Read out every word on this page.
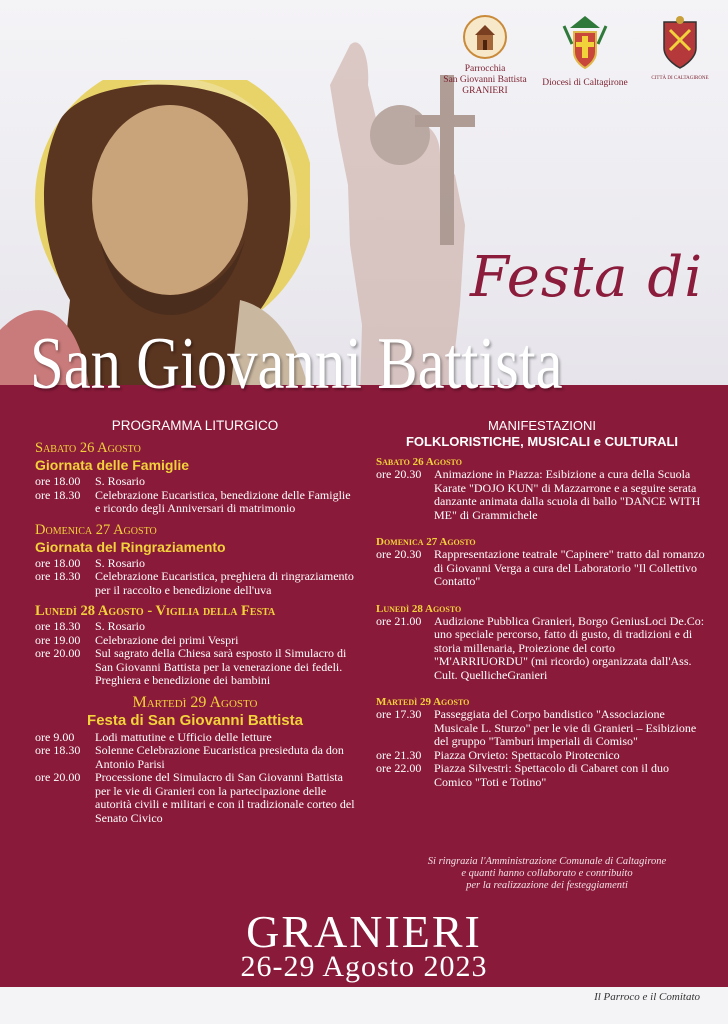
Parrocchia
San Giovanni Battista
GRANIERI
Diocesi di Caltagirone	CITTÀ DI CALTAGIRONE
Festa di
San Giovanni Battista
PROGRAMMA LITURGICO
Sabato 26 Agosto
Giornata delle Famiglie
ore 18.00	S. Rosario
ore 18.30	Celebrazione Eucaristica, benedizione delle Famiglie e ricordo degli Anniversari di matrimonio
Domenica 27 Agosto
Giornata del Ringraziamento
ore 18.00	S. Rosario
ore 18.30	Celebrazione Eucaristica, preghiera di ringraziamento per il raccolto e benedizione dell'uva
Lunedì 28 Agosto - Vigilia della Festa
ore 18.30	S. Rosario
ore 19.00	Celebrazione dei primi Vespri
ore 20.00	Sul sagrato della Chiesa sarà esposto il Simulacro di San Giovanni Battista per la venerazione dei fedeli. Preghiera e benedizione dei bambini
Martedì 29 Agosto
Festa di San Giovanni Battista
ore 9.00	Lodi mattutine e Ufficio delle letture
ore 18.30	Solenne Celebrazione Eucaristica presieduta da don Antonio Parisi
ore 20.00	Processione del Simulacro di San Giovanni Battista per le vie di Granieri con la partecipazione delle autorità civili e militari e con il tradizionale corteo del Senato Civico
MANIFESTAZIONI
FOLKLORISTICHE, MUSICALI e CULTURALI
Sabato 26 Agosto
ore 20.30	Animazione in Piazza: Esibizione a cura della Scuola Karate "DOJO KUN" di Mazzarrone e a seguire serata danzante animata dalla scuola di ballo "DANCE WITH ME" di Grammichele
Domenica 27 Agosto
ore 20.30	Rappresentazione teatrale "Capinere" tratto dal romanzo di Giovanni Verga a cura del Laboratorio "Il Collettivo Contatto"
Lunedì 28 Agosto
ore 21.00	Audizione Pubblica Granieri, Borgo GeniusLoci De.Co: uno speciale percorso, fatto di gusto, di tradizioni e di storia millenaria, Proiezione del corto "M'ARRIUORDU" (mi ricordo) organizzata dall'Ass. Cult. QuellicheGranieri
Martedì 29 Agosto
ore 17.30	Passeggiata del Corpo bandistico "Associazione Musicale L. Sturzo" per le vie di Granieri – Esibizione del gruppo "Tamburi imperiali di Comiso"
ore 21.30	Piazza Orvieto: Spettacolo Pirotecnico
ore 22.00	Piazza Silvestri: Spettacolo di Cabaret con il duo Comico "Toti e Totino"
Si ringrazia l'Amministrazione Comunale di Caltagirone
e quanti hanno collaborato e contribuito
per la realizzazione dei festeggiamenti
GRANIERI
26-29 Agosto 2023
Il Parroco e il Comitato
